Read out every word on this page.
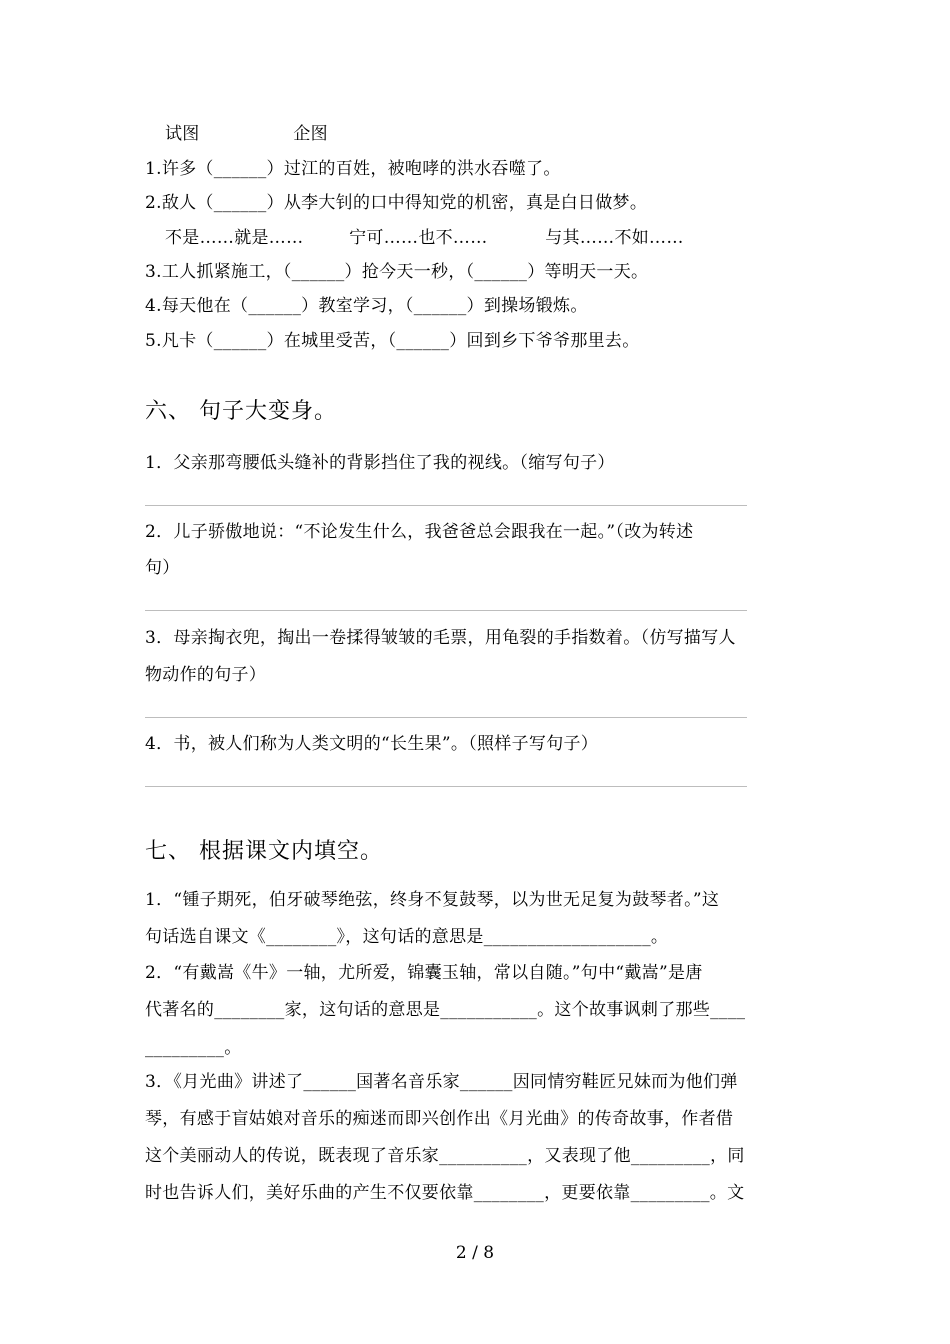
试图	企图
1.许多（______）过江的百姓，被咆哮的洪水吞噬了。
2.敌人（______）从李大钊的口中得知党的机密，真是白日做梦。
不是……就是……	宁可……也不……	与其……不如……
3.工人抓紧施工，（______）抢今天一秒，（______）等明天一天。
4.每天他在（______）教室学习，（______）到操场锻炼。
5.凡卡（______）在城里受苦，（______）回到乡下爷爷那里去。
六、 句子大变身。
1．父亲那弯腰低头缝补的背影挡住了我的视线。（缩写句子）
2．儿子骄傲地说：“不论发生什么，我爸爸总会跟我在一起。”（改为转述
句）
3．母亲掏衣兜，掏出一卷揉得皱皱的毛票，用龟裂的手指数着。（仿写描写人
物动作的句子）
4．书，被人们称为人类文明的“长生果”。（照样子写句子）
七、 根据课文内填空。
1．“锺子期死，伯牙破琴绝弦，终身不复鼓琴，以为世无足复为鼓琴者。”这
句话选自课文《________》，这句话的意思是___________________。
2．“有戴嵩《牛》一轴，尤所爱，锦囊玉轴，常以自随。”句中“戴嵩”是唐
代著名的________家，这句话的意思是___________。这个故事讽刺了那些____
_________。
3．《月光曲》讲述了______国著名音乐家______因同情穷鞋匠兄妹而为他们弹
琴，有感于盲姑娘对音乐的痴迷而即兴创作出《月光曲》的传奇故事，作者借
这个美丽动人的传说，既表现了音乐家__________，又表现了他_________，同
时也告诉人们，美好乐曲的产生不仅要依靠________，更要依靠_________。文
2 / 8
